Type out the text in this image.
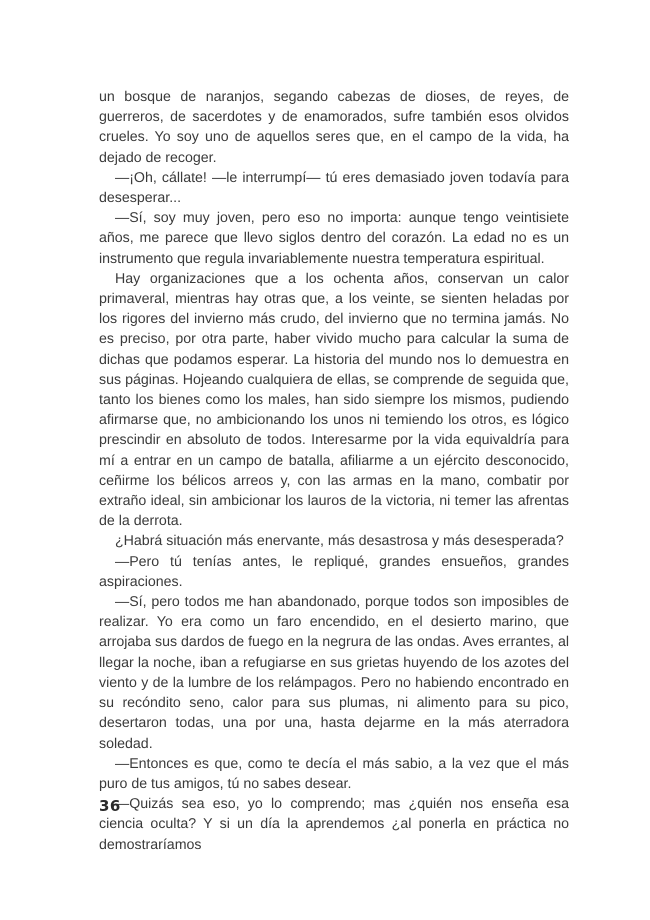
un bosque de naranjos, segando cabezas de dioses, de reyes, de guerreros, de sacerdotes y de enamorados, sufre también esos olvidos crueles. Yo soy uno de aquellos seres que, en el campo de la vida, ha dejado de recoger.

—¡Oh, cállate! —le interrumpí— tú eres demasiado joven todavía para desesperar...

—Sí, soy muy joven, pero eso no importa: aunque tengo veintisiete años, me parece que llevo siglos dentro del corazón. La edad no es un instrumento que regula invariablemente nuestra temperatura espiritual.

Hay organizaciones que a los ochenta años, conservan un calor primaveral, mientras hay otras que, a los veinte, se sienten heladas por los rigores del invierno más crudo, del invierno que no termina jamás. No es preciso, por otra parte, haber vivido mucho para calcular la suma de dichas que podamos esperar. La historia del mundo nos lo demuestra en sus páginas. Hojeando cualquiera de ellas, se comprende de seguida que, tanto los bienes como los males, han sido siempre los mismos, pudiendo afirmarse que, no ambicionando los unos ni temiendo los otros, es lógico prescindir en absoluto de todos. Interesarme por la vida equivaldría para mí a entrar en un campo de batalla, afiliarme a un ejército desconocido, ceñirme los bélicos arreos y, con las armas en la mano, combatir por extraño ideal, sin ambicionar los lauros de la victoria, ni temer las afrentas de la derrota.

¿Habrá situación más enervante, más desastrosa y más desesperada?

—Pero tú tenías antes, le repliqué, grandes ensueños, grandes aspiraciones.

—Sí, pero todos me han abandonado, porque todos son imposibles de realizar. Yo era como un faro encendido, en el desierto marino, que arrojaba sus dardos de fuego en la negrura de las ondas. Aves errantes, al llegar la noche, iban a refugiarse en sus grietas huyendo de los azotes del viento y de la lumbre de los relámpagos. Pero no habiendo encontrado en su recóndito seno, calor para sus plumas, ni alimento para su pico, desertaron todas, una por una, hasta dejarme en la más aterradora soledad.

—Entonces es que, como te decía el más sabio, a la vez que el más puro de tus amigos, tú no sabes desear.

—Quizás sea eso, yo lo comprendo; mas ¿quién nos enseña esa ciencia oculta? Y si un día la aprendemos ¿al ponerla en práctica no demostraríamos

36
